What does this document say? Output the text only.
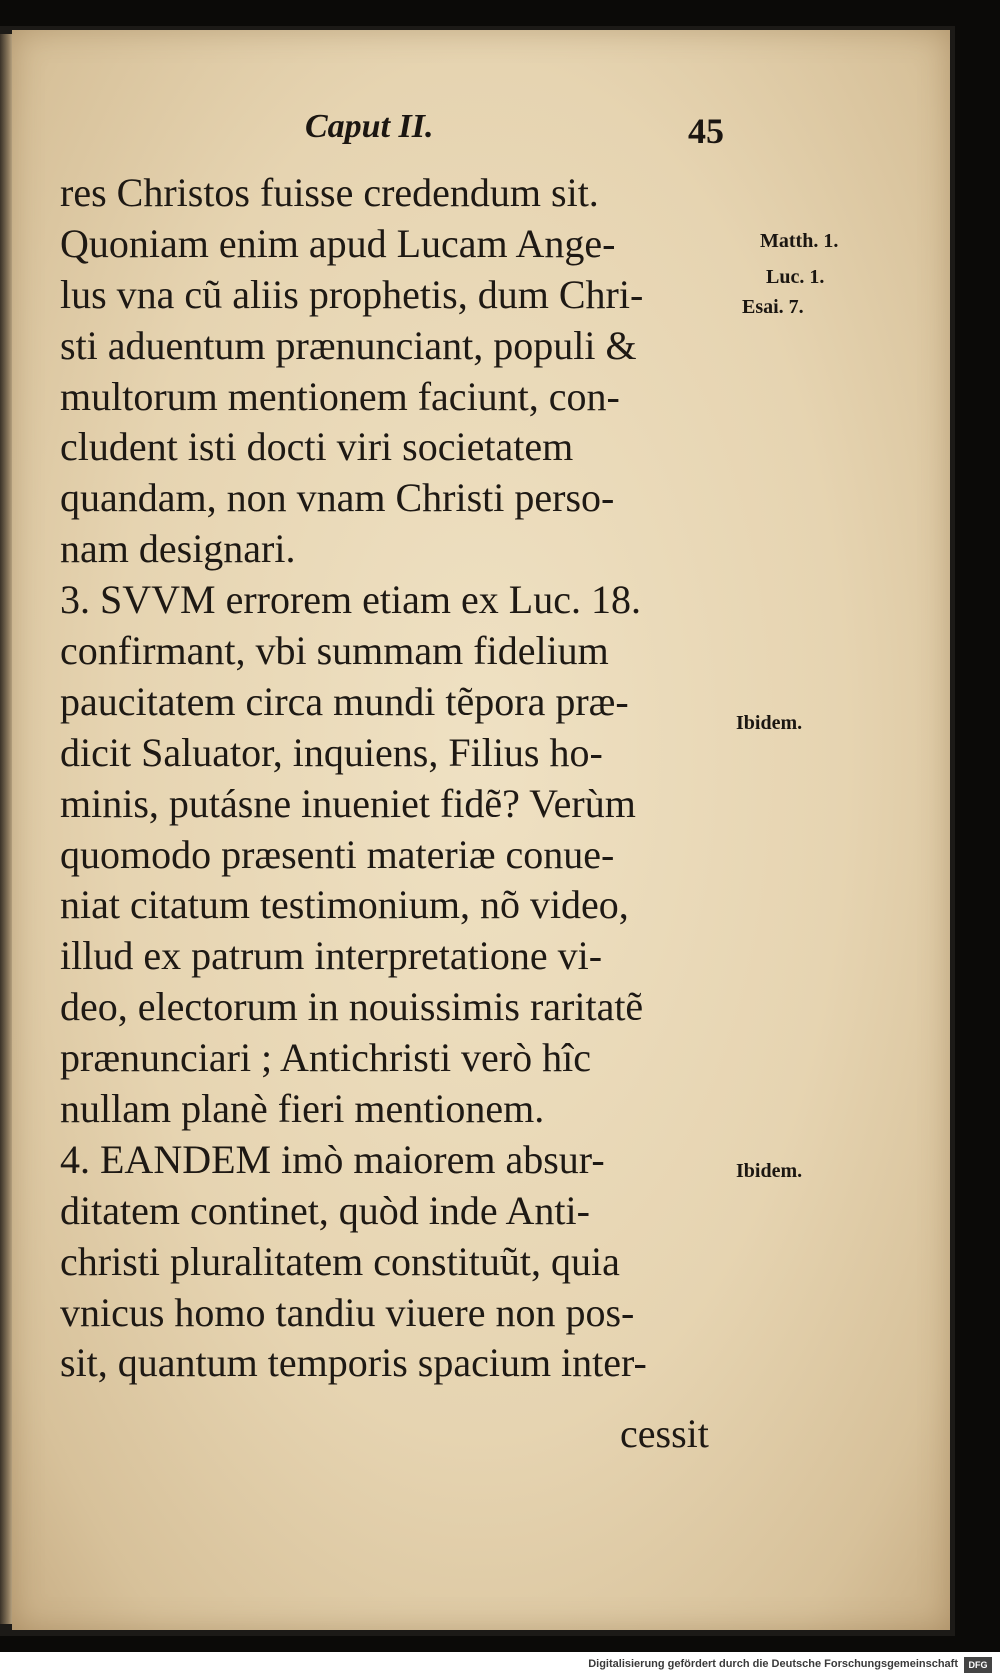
Caput II.	45
res Christos fuisse credendum sit.
Quoniam enim apud Lucam Ange-
lus vna cũ aliis prophetis, dum Chri-
sti aduentum prænunciant, populi &
multorum mentionem faciunt, con-
cludent isti docti viri societatem
quandam, non vnam Christi perso-
nam designari.
3. SVVM errorem etiam ex Luc. 18.
confirmant, vbi summam fidelium
paucitatem circa mundi tẽpora præ-
dicit Saluator, inquiens, Filius ho-
minis, putásne inueniet fidẽ? Verùm
quomodo præsenti materiæ conue-
niat citatum testimonium, nõ video,
illud ex patrum interpretatione vi-
deo, electorum in nouissimis raritatẽ
prænunciari ; Antichristi verò hîc
nullam planè fieri mentionem.
4. EANDEM imò maiorem absur-
ditatem continet, quòd inde Anti-
christi pluralitatem constituũt, quia
vnicus homo tandiu viuere non pos-
sit, quantum temporis spacium inter-
cessit
Matth. 1.
Luc. 1.
Esai. 7.
Ibidem.
Ibidem.
Digitalisierung gefördert durch die Deutsche Forschungsgemeinschaft	DFG
